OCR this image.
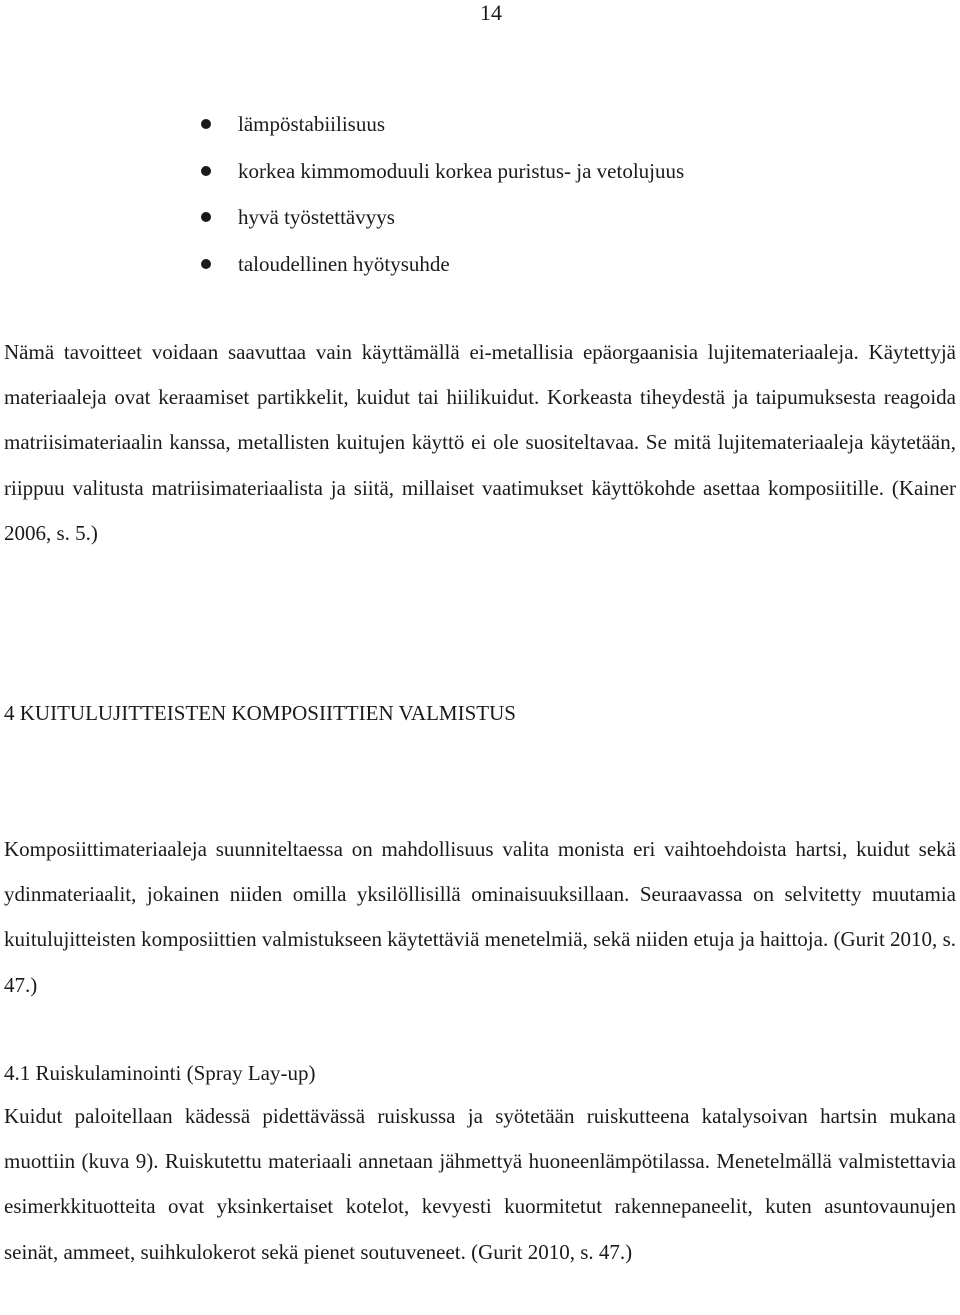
14
lämpöstabiilisuus
korkea kimmomoduuli korkea puristus- ja vetolujuus
hyvä työstettävyys
taloudellinen hyötysuhde

Nämä tavoitteet voidaan saavuttaa vain käyttämällä ei-metallisia epäorgaanisia lujitemateriaaleja. Käytettyjä materiaaleja ovat keraamiset partikkelit, kuidut tai hiilikuidut. Korkeasta tiheydestä ja taipumuksesta reagoida matriisimateriaalin kanssa, metallisten kuitujen käyttö ei ole suositeltavaa. Se mitä lujitemateriaaleja käytetään, riippuu valitusta matriisimateriaalista ja siitä, millaiset vaatimukset käyttökohde asettaa komposiitille. (Kainer 2006, s. 5.)

4 KUITULUJITTEISTEN KOMPOSIITTIEN VALMISTUS

Komposiittimateriaaleja suunniteltaessa on mahdollisuus valita monista eri vaihtoehdoista hartsi, kuidut sekä ydinmateriaalit, jokainen niiden omilla yksilöllisillä ominaisuuksillaan. Seuraavassa on selvitetty muutamia kuitulujitteisten komposiittien valmistukseen käytettäviä menetelmiä, sekä niiden etuja ja haittoja. (Gurit 2010, s. 47.)

4.1 Ruiskulaminointi (Spray Lay-up)

Kuidut paloitellaan kädessä pidettävässä ruiskussa ja syötetään ruiskutteena katalysoivan hartsin mukana muottiin (kuva 9). Ruiskutettu materiaali annetaan jähmettyä huoneenlämpötilassa. Menetelmällä valmistettavia esimerkkituotteita ovat yksinkertaiset kotelot, kevyesti kuormitetut rakennepaneelit, kuten asuntovaunujen seinät, ammeet, suihkulokerot sekä pienet soutuveneet. (Gurit 2010, s. 47.)
